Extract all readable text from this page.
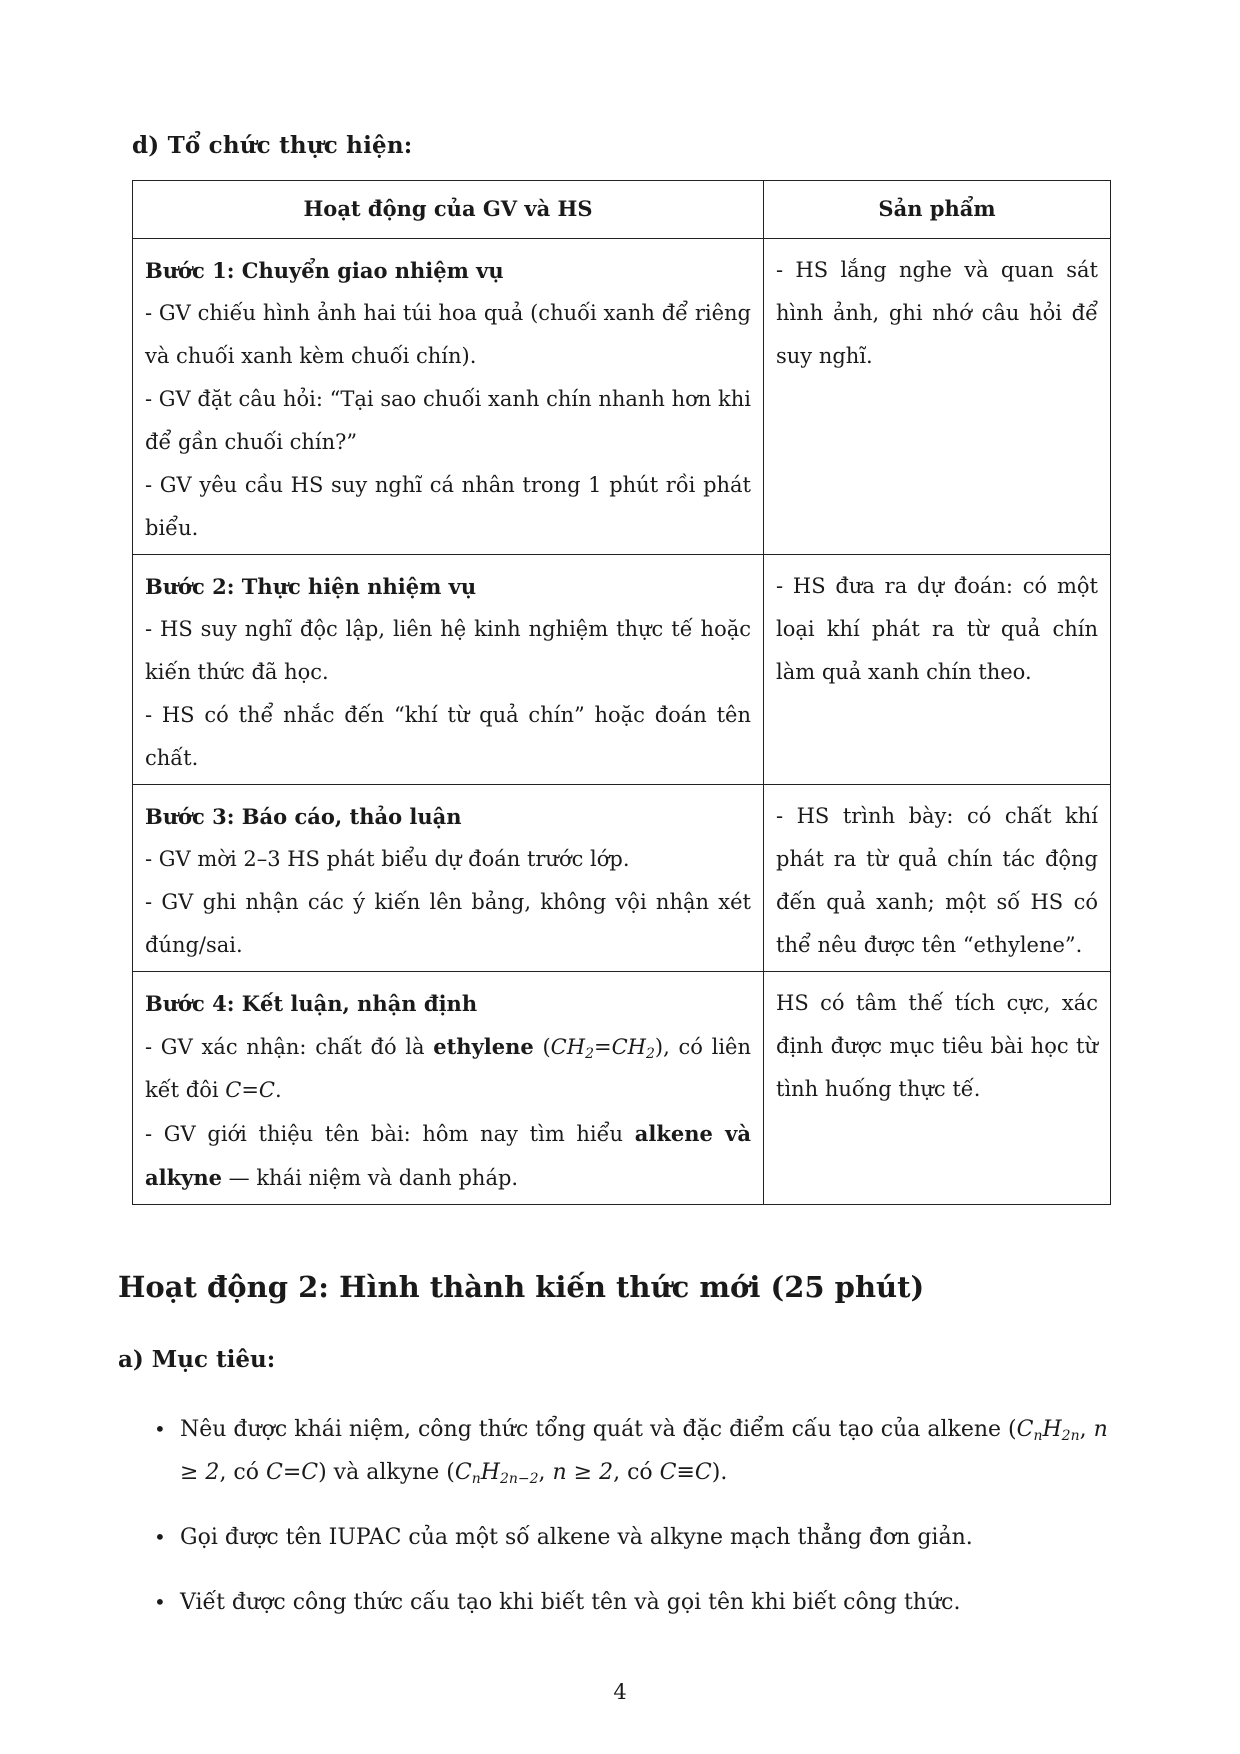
d) Tổ chức thực hiện:
Hoạt động của GV và HS	Sản phẩm

Bước 1: Chuyển giao nhiệm vụ
- GV chiếu hình ảnh hai túi hoa quả (chuối xanh để riêng và chuối xanh kèm chuối chín).
- GV đặt câu hỏi: “Tại sao chuối xanh chín nhanh hơn khi để gần chuối chín?”
- GV yêu cầu HS suy nghĩ cá nhân trong 1 phút rồi phát biểu.	- HS lắng nghe và quan sát hình ảnh, ghi nhớ câu hỏi để suy nghĩ.

Bước 2: Thực hiện nhiệm vụ
- HS suy nghĩ độc lập, liên hệ kinh nghiệm thực tế hoặc kiến thức đã học.
- HS có thể nhắc đến “khí từ quả chín” hoặc đoán tên chất.	- HS đưa ra dự đoán: có một loại khí phát ra từ quả chín làm quả xanh chín theo.

Bước 3: Báo cáo, thảo luận
- GV mời 2–3 HS phát biểu dự đoán trước lớp.
- GV ghi nhận các ý kiến lên bảng, không vội nhận xét đúng/sai.	- HS trình bày: có chất khí phát ra từ quả chín tác động đến quả xanh; một số HS có thể nêu được tên “ethylene”.

Bước 4: Kết luận, nhận định
- GV xác nhận: chất đó là ethylene $(CH_2=CH_2)$, có liên kết đôi C=C.
- GV giới thiệu tên bài: hôm nay tìm hiểu alkene và alkyne — khái niệm và danh pháp.	HS có tâm thế tích cực, xác định được mục tiêu bài học từ tình huống thực tế.
Hoạt động 2: Hình thành kiến thức mới (25 phút)
a) Mục tiêu:
• Nêu được khái niệm, công thức tổng quát và đặc điểm cấu tạo của alkene ($C_nH_{2n}$, n ≥ 2, có C=C) và alkyne ($C_nH_{2n-2}$, n ≥ 2, có C≡C).
• Gọi được tên IUPAC của một số alkene và alkyne mạch thẳng đơn giản.
• Viết được công thức cấu tạo khi biết tên và gọi tên khi biết công thức.
4
